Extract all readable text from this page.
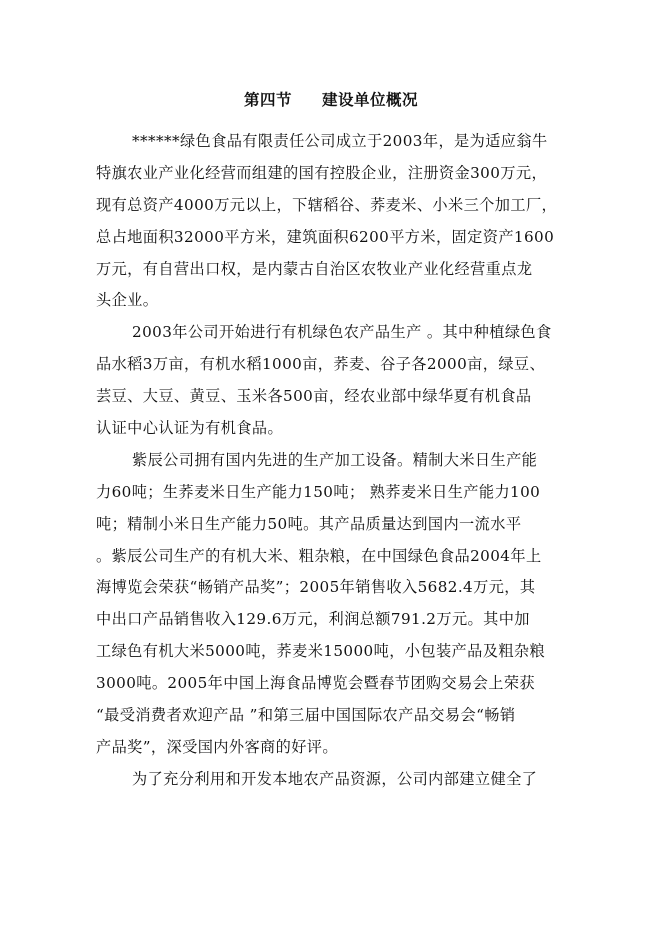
第四节 建设单位概况
******绿色食品有限责任公司成立于2003年，是为适应翁牛
特旗农业产业化经营而组建的国有控股企业，注册资金300万元，
现有总资产4000万元以上，下辖稻谷、荞麦米、小米三个加工厂，
总占地面积32000平方米，建筑面积6200平方米，固定资产1600
万元，有自营出口权，是内蒙古自治区农牧业产业化经营重点龙
头企业。
2003年公司开始进行有机绿色农产品生产 。其中种植绿色食
品水稻3万亩，有机水稻1000亩，荞麦、谷子各2000亩，绿豆、
芸豆、大豆、黄豆、玉米各500亩，经农业部中绿华夏有机食品
认证中心认证为有机食品。
紫辰公司拥有国内先进的生产加工设备。精制大米日生产能
力60吨；生荞麦米日生产能力150吨； 熟荞麦米日生产能力100
吨；精制小米日生产能力50吨。其产品质量达到国内一流水平
。紫辰公司生产的有机大米、粗杂粮，在中国绿色食品2004年上
海博览会荣获“畅销产品奖”；2005年销售收入5682.4万元，其
中出口产品销售收入129.6万元，利润总额791.2万元。其中加
工绿色有机大米5000吨，荞麦米15000吨，小包装产品及粗杂粮
3000吨。2005年中国上海食品博览会暨春节团购交易会上荣获
“最受消费者欢迎产品 ”和第三届中国国际农产品交易会“畅销
产品奖”，深受国内外客商的好评。
为了充分利用和开发本地农产品资源，公司内部建立健全了
